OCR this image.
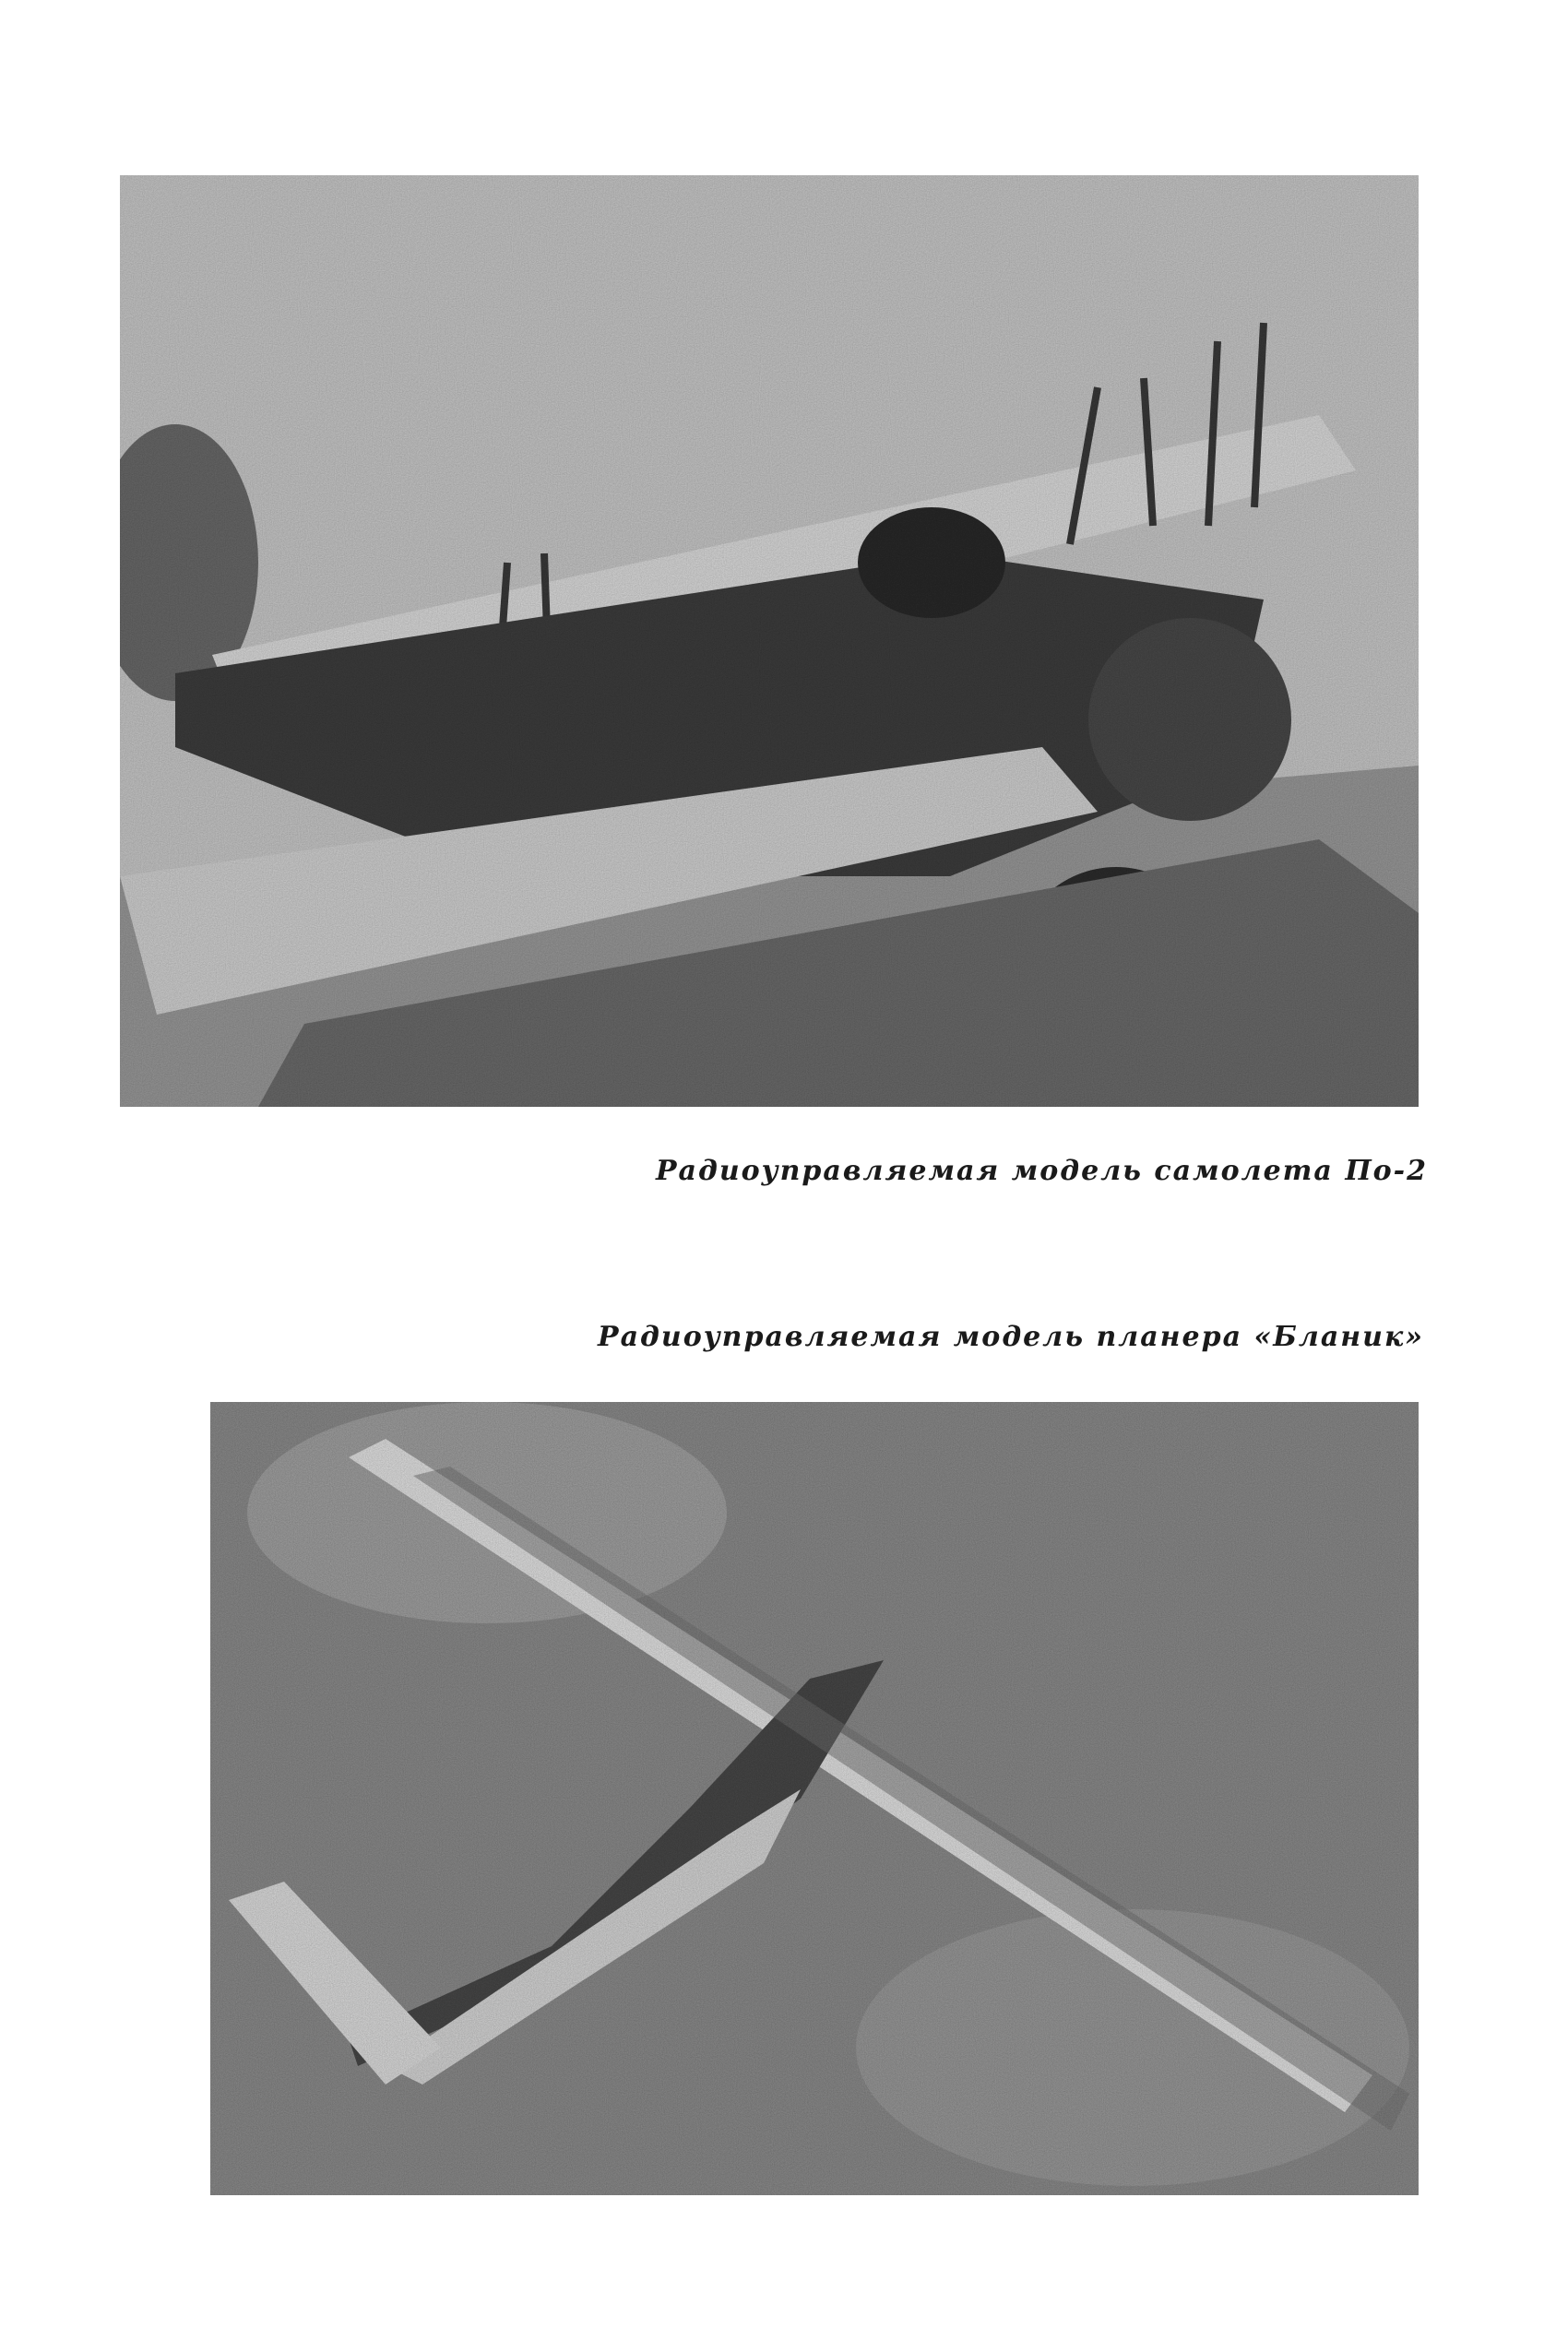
Радиоуправляемая модель самолета По-2
Радиоуправляемая модель планера «Бланик»
